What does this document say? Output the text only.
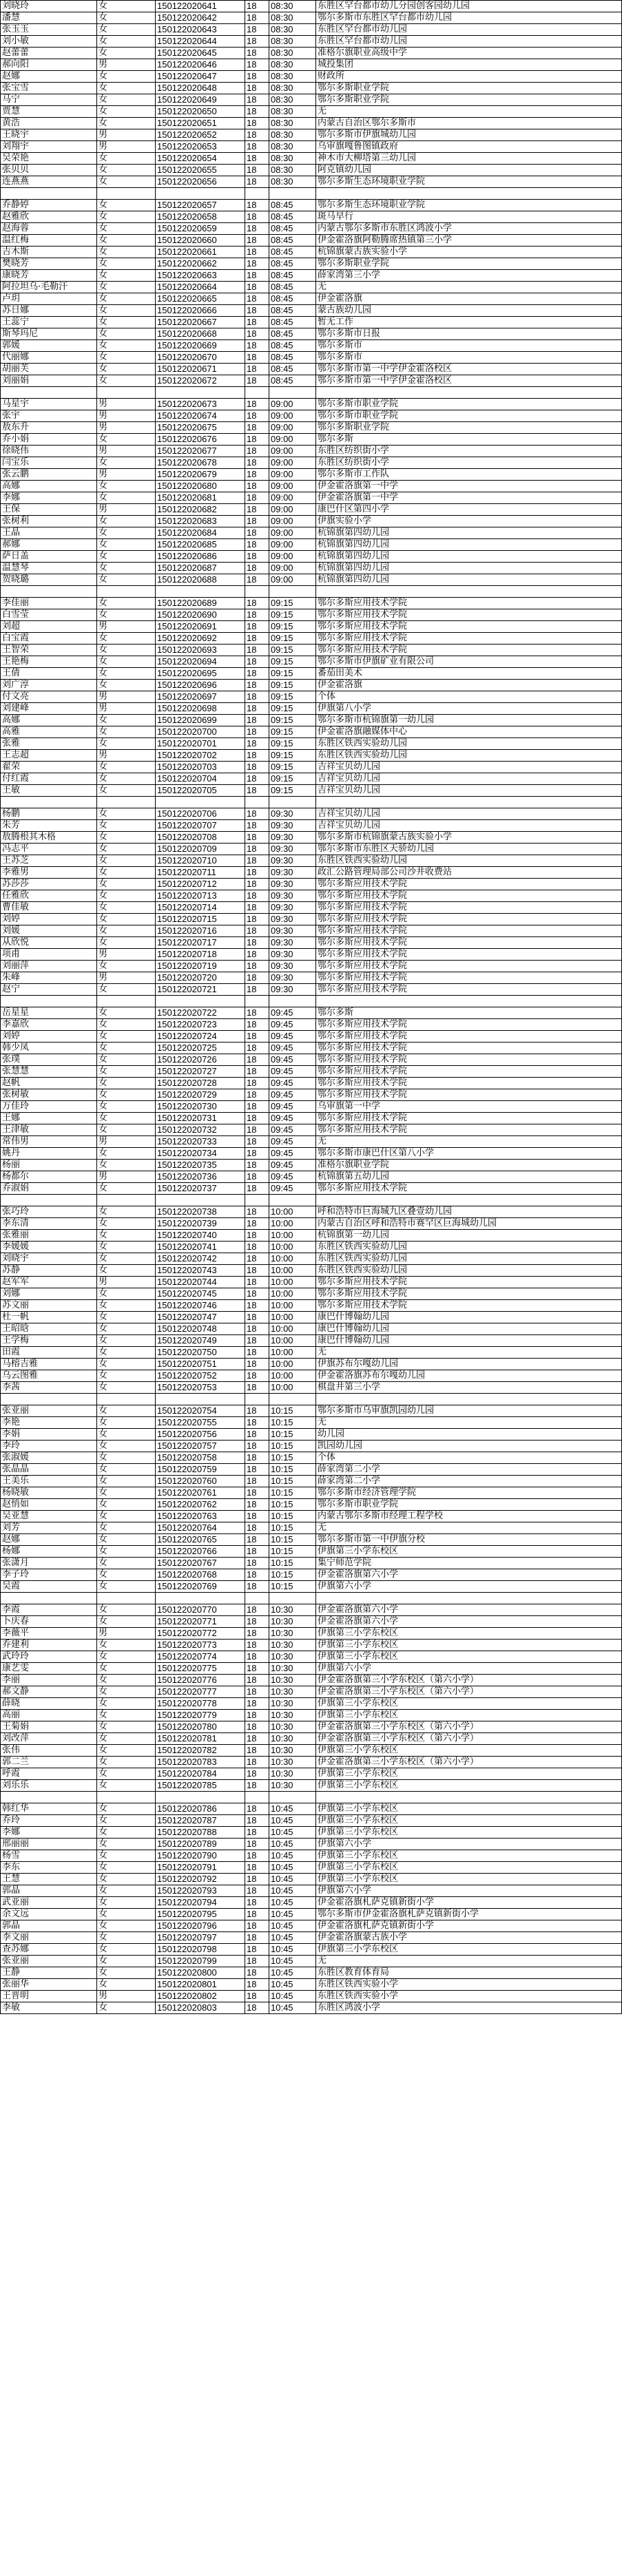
刘晓玲	女	150122020641	18	08:30	东胜区罕台都市幼儿分园创客园幼儿园
潘慧	女	150122020642	18	08:30	鄂尔多斯市东胜区罕台都市幼儿园
张玉玉	女	150122020643	18	08:30	东胜区罕台都市幼儿园
刘小敏	女	150122020644	18	08:30	东胜区罕台都市幼儿园
赵蕾蕾	女	150122020645	18	08:30	准格尔旗职业高级中学
郝向阳	男	150122020646	18	08:30	城投集团
赵娜	女	150122020647	18	08:30	财政所
张宝雪	女	150122020648	18	08:30	鄂尔多斯职业学院
马宁	女	150122020649	18	08:30	鄂尔多斯职业学院
贾慧	女	150122020650	18	08:30	无
黄浩	女	150122020651	18	08:30	内蒙古自治区鄂尔多斯市
王晓宇	男	150122020652	18	08:30	鄂尔多斯市伊旗城幼儿园
刘翔宇	男	150122020653	18	08:30	乌审旗嘎鲁图镇政府
吴荣艳	女	150122020654	18	08:30	神木市大柳塔第三幼儿园
张贝贝	女	150122020655	18	08:30	阿克镇幼儿园
连燕燕	女	150122020656	18	08:30	鄂尔多斯生态环境职业学院

乔静婷	女	150122020657	18	08:45	鄂尔多斯生态环境职业学院
赵雅欣	女	150122020658	18	08:45	斑马早行
赵海蓉	女	150122020659	18	08:45	内蒙古鄂尔多斯市东胜区鸿波小学
温红梅	女	150122020660	18	08:45	伊金霍洛旗阿勒腾席热镇第三小学
吉木斯	女	150122020661	18	08:45	杭锦旗蒙古族实验小学
樊晓芳	女	150122020662	18	08:45	鄂尔多斯职业学院
康晓芳	女	150122020663	18	08:45	薛家湾第三小学
阿拉坦乌·毛勒汗	女	150122020664	18	08:45	无
卢玥	女	150122020665	18	08:45	伊金霍洛旗
苏日娜	女	150122020666	18	08:45	蒙古族幼儿园
王蕊宁	女	150122020667	18	08:45	暂无工作
斯琴玛尼	女	150122020668	18	08:45	鄂尔多斯市日报
郭媛	女	150122020669	18	08:45	鄂尔多斯市
代丽娜	女	150122020670	18	08:45	鄂尔多斯市
胡丽芙	女	150122020671	18	08:45	鄂尔多斯市第一中学伊金霍洛校区
刘丽娟	女	150122020672	18	08:45	鄂尔多斯市第一中学伊金霍洛校区

马星宇	男	150122020673	18	09:00	鄂尔多斯市职业学院
张宇	男	150122020674	18	09:00	鄂尔多斯市职业学院
敖东升	男	150122020675	18	09:00	鄂尔多斯职业学院
乔小娟	女	150122020676	18	09:00	鄂尔多斯
徐晓伟	男	150122020677	18	09:00	东胜区纺织街小学
闫宝乐	女	150122020678	18	09:00	东胜区纺织街小学
张云鹏	男	150122020679	18	09:00	鄂尔多斯市工作队
高娜	女	150122020680	18	09:00	伊金霍洛旗第一中学
李娜	女	150122020681	18	09:00	伊金霍洛旗第一中学
王保	男	150122020682	18	09:00	康巴什区第四小学
张树利	女	150122020683	18	09:00	伊旗实验小学
王晶	女	150122020684	18	09:00	杭锦旗第四幼儿园
郝娜	女	150122020685	18	09:00	杭锦旗第四幼儿园
萨日盖	女	150122020686	18	09:00	杭锦旗第四幼儿园
温慧琴	女	150122020687	18	09:00	杭锦旗第四幼儿园
贺晓璐	女	150122020688	18	09:00	杭锦旗第四幼儿园

李佳丽	女	150122020689	18	09:15	鄂尔多斯应用技术学院
白雪莹	女	150122020690	18	09:15	鄂尔多斯应用技术学院
刘超	男	150122020691	18	09:15	鄂尔多斯应用技术学院
白宝霞	女	150122020692	18	09:15	鄂尔多斯应用技术学院
王智荣	女	150122020693	18	09:15	鄂尔多斯应用技术学院
王艳梅	女	150122020694	18	09:15	鄂尔多斯市伊旗矿业有限公司
王倩	女	150122020695	18	09:15	番茄田美术
刘广淳	女	150122020696	18	09:15	伊金霍洛旗
付文亮	男	150122020697	18	09:15	个体
刘建峰	男	150122020698	18	09:15	伊旗第八小学
高娜	女	150122020699	18	09:15	鄂尔多斯市杭锦旗第一幼儿园
高雅	女	150122020700	18	09:15	伊金霍洛旗融媒体中心
张雅	女	150122020701	18	09:15	东胜区铁西实验幼儿园
王志超	男	150122020702	18	09:15	东胜区铁西实验幼儿园
翟荣	女	150122020703	18	09:15	吉祥宝贝幼儿园
付红霞	女	150122020704	18	09:15	吉祥宝贝幼儿园
王敏	女	150122020705	18	09:15	吉祥宝贝幼儿园

杨鹏	女	150122020706	18	09:30	吉祥宝贝幼儿园
朱芳	女	150122020707	18	09:30	吉祥宝贝幼儿园
敖腾根其木格	女	150122020708	18	09:30	鄂尔多斯市杭锦旗蒙古族实验小学
冯志平	女	150122020709	18	09:30	鄂尔多斯市东胜区天骄幼儿园
王苏芝	女	150122020710	18	09:30	东胜区铁西实验幼儿园
李雅男	女	150122020711	18	09:30	政汇公路管理局部公司沙井收费站
苏莎莎	女	150122020712	18	09:30	鄂尔多斯应用技术学院
任雅欣	女	150122020713	18	09:30	鄂尔多斯应用技术学院
曹佳敏	女	150122020714	18	09:30	鄂尔多斯应用技术学院
刘婷	女	150122020715	18	09:30	鄂尔多斯应用技术学院
刘媛	女	150122020716	18	09:30	鄂尔多斯应用技术学院
从欣悦	女	150122020717	18	09:30	鄂尔多斯应用技术学院
项甫	男	150122020718	18	09:30	鄂尔多斯应用技术学院
刘丽萍	女	150122020719	18	09:30	鄂尔多斯应用技术学院
朱峰	男	150122020720	18	09:30	鄂尔多斯应用技术学院
赵宁	女	150122020721	18	09:30	鄂尔多斯应用技术学院

岳星星	女	150122020722	18	09:45	鄂尔多斯
李嘉欣	女	150122020723	18	09:45	鄂尔多斯应用技术学院
刘婷	女	150122020724	18	09:45	鄂尔多斯应用技术学院
韩少凤	女	150122020725	18	09:45	鄂尔多斯应用技术学院
张璞	女	150122020726	18	09:45	鄂尔多斯应用技术学院
张慧慧	女	150122020727	18	09:45	鄂尔多斯应用技术学院
赵帆	女	150122020728	18	09:45	鄂尔多斯应用技术学院
张树敏	女	150122020729	18	09:45	鄂尔多斯应用技术学院
万佳玲	女	150122020730	18	09:45	乌审旗第一中学
王娜	女	150122020731	18	09:45	鄂尔多斯应用技术学院
王津敏	女	150122020732	18	09:45	鄂尔多斯应用技术学院
常伟男	男	150122020733	18	09:45	无
姚丹	女	150122020734	18	09:45	鄂尔多斯市康巴什区第八小学
杨丽	女	150122020735	18	09:45	准格尔旗职业学院
杨都尔	男	150122020736	18	09:45	杭锦旗第五幼儿园
乔淑娟	女	150122020737	18	09:45	鄂尔多斯应用技术学院

张巧玲	女	150122020738	18	10:00	呼和浩特市巨海城九区叠壹幼儿园
李东清	女	150122020739	18	10:00	内蒙古自治区呼和浩特市赛罕区巨海城幼儿园
张雅丽	女	150122020740	18	10:00	杭锦旗第一幼儿园
李媛媛	女	150122020741	18	10:00	东胜区铁西实验幼儿园
刘晓宇	女	150122020742	18	10:00	东胜区铁西实验幼儿园
苏静	女	150122020743	18	10:00	东胜区铁西实验幼儿园
赵军军	男	150122020744	18	10:00	鄂尔多斯应用技术学院
刘娜	女	150122020745	18	10:00	鄂尔多斯应用技术学院
苏文丽	女	150122020746	18	10:00	鄂尔多斯应用技术学院
杜一帆	女	150122020747	18	10:00	康巴什博翰幼儿园
王昭晗	女	150122020748	18	10:00	康巴什博翰幼儿园
王学梅	女	150122020749	18	10:00	康巴什博翰幼儿园
田霞	女	150122020750	18	10:00	无
马榕吉雅	女	150122020751	18	10:00	伊旗苏布尔嘎幼儿园
乌云图雅	女	150122020752	18	10:00	伊金霍洛旗苏布尔嘎幼儿园
李茜	女	150122020753	18	10:00	棋盘井第三小学

张亚丽	女	150122020754	18	10:15	鄂尔多斯市乌审旗凯园幼儿园
李艳	女	150122020755	18	10:15	无
李娟	女	150122020756	18	10:15	幼儿园
李玲	女	150122020757	18	10:15	凯园幼儿园
张淑媛	女	150122020758	18	10:15	个体
张晶晶	女	150122020759	18	10:15	薛家湾第二小学
王美乐	女	150122020760	18	10:15	薛家湾第二小学
杨晓敏	女	150122020761	18	10:15	鄂尔多斯市经济管理学院
赵悄如	女	150122020762	18	10:15	鄂尔多斯市职业学院
吴亚慧	女	150122020763	18	10:15	内蒙古鄂尔多斯市经理工程学校
刘芳	女	150122020764	18	10:15	无
赵娜	女	150122020765	18	10:15	鄂尔多斯市第一中伊旗分校
杨娜	女	150122020766	18	10:15	伊旗第三小学东校区
张潇月	女	150122020767	18	10:15	集宁师范学院
李子玲	女	150122020768	18	10:15	伊金霍洛旗第六小学
吴霞	女	150122020769	18	10:15	伊旗第六小学

李霞	女	150122020770	18	10:30	伊金霍洛旗第六小学
卜庆春	女	150122020771	18	10:30	伊金霍洛旗第六小学
李薇平	男	150122020772	18	10:30	伊旗第三小学东校区
乔建利	女	150122020773	18	10:30	伊旗第三小学东校区
武玲玲	女	150122020774	18	10:30	伊旗第三小学东校区
康艺雯	女	150122020775	18	10:30	伊旗第六小学
李丽	女	150122020776	18	10:30	伊金霍洛旗第三小学东校区（第六小学）
郝文静	女	150122020777	18	10:30	伊金霍洛旗第三小学东校区（第六小学）
薛晓	女	150122020778	18	10:30	伊旗第三小学东校区
高丽	女	150122020779	18	10:30	伊旗第三小学东校区
王菊娟	女	150122020780	18	10:30	伊金霍洛旗第三小学东校区（第六小学）
刘改萍	女	150122020781	18	10:30	伊金霍洛旗第三小学东校区（第六小学）
张伟	女	150122020782	18	10:30	伊旗第三小学东校区
郭二兰	女	150122020783	18	10:30	伊金霍洛旗第三小学东校区（第六小学）
呼霞	女	150122020784	18	10:30	伊旗第三小学东校区
刘乐乐	女	150122020785	18	10:30	伊旗第三小学东校区

韩红华	女	150122020786	18	10:45	伊旗第三小学东校区
乔玲	女	150122020787	18	10:45	伊旗第三小学东校区
李娜	女	150122020788	18	10:45	伊旗第三小学东校区
邢丽丽	女	150122020789	18	10:45	伊旗第六小学
杨雪	女	150122020790	18	10:45	伊旗第三小学东校区
李东	女	150122020791	18	10:45	伊旗第三小学东校区
王慧	女	150122020792	18	10:45	伊旗第三小学东校区
郭晶	女	150122020793	18	10:45	伊旗第六小学
武亚丽	女	150122020794	18	10:45	伊金霍洛旗札萨克镇新街小学
余文远	女	150122020795	18	10:45	鄂尔多斯市伊金霍洛旗札萨克镇新街小学
郭晶	女	150122020796	18	10:45	伊金霍洛旗札萨克镇新街小学
李文丽	女	150122020797	18	10:45	伊金霍洛旗蒙古族小学
查苏娜	女	150122020798	18	10:45	伊旗第三小学东校区
张亚丽	女	150122020799	18	10:45	无
王静	女	150122020800	18	10:45	东胜区教育体育局
张丽华	女	150122020801	18	10:45	东胜区铁西实验小学
王晋明	男	150122020802	18	10:45	东胜区铁西实验小学
李敏	女	150122020803	18	10:45	东胜区鸿波小学
